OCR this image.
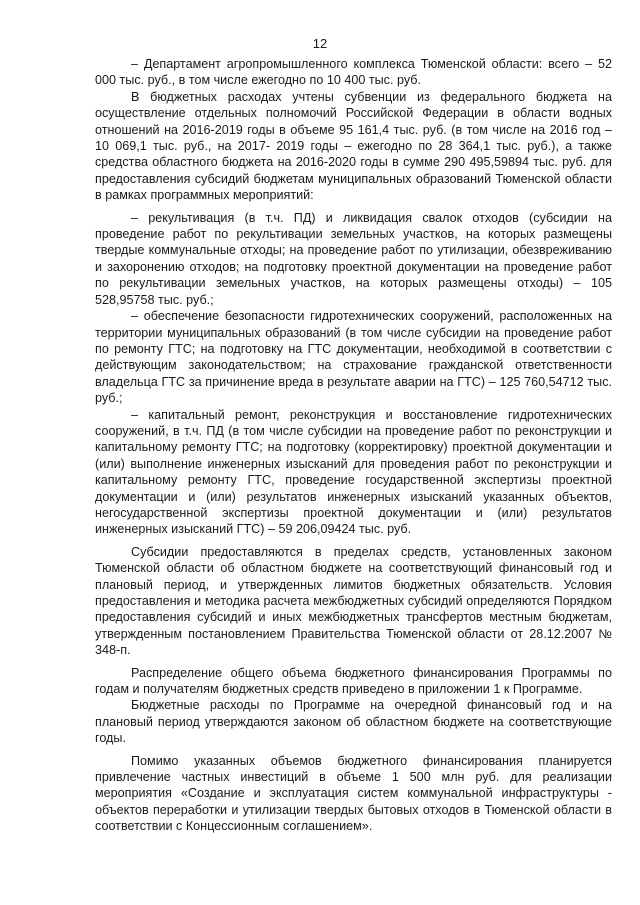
12

– Департамент агропромышленного комплекса Тюменской области: всего – 52 000 тыс. руб., в том числе ежегодно по 10 400 тыс. руб.

В бюджетных расходах учтены субвенции из федерального бюджета на осуществление отдельных полномочий Российской Федерации в области водных отношений на 2016-2019 годы в объеме 95 161,4 тыс. руб. (в том числе на 2016 год – 10 069,1 тыс. руб., на 2017- 2019 годы – ежегодно по 28 364,1 тыс. руб.), а также средства областного бюджета на 2016-2020 годы в сумме 290 495,59894 тыс. руб. для предоставления субсидий бюджетам муниципальных образований Тюменской области в рамках программных мероприятий:

– рекультивация (в т.ч. ПД) и ликвидация свалок отходов (субсидии на проведение работ по рекультивации земельных участков, на которых размещены твердые коммунальные отходы; на проведение работ по утилизации, обезвреживанию и захоронению отходов; на подготовку проектной документации на проведение работ по рекультивации земельных участков, на которых размещены отходы) – 105 528,95758 тыс. руб.;

– обеспечение безопасности гидротехнических сооружений, расположенных на территории муниципальных образований (в том числе субсидии на проведение работ по ремонту ГТС; на подготовку на ГТС документации, необходимой в соответствии с действующим законодательством; на страхование гражданской ответственности владельца ГТС за причинение вреда в результате аварии на ГТС) – 125 760,54712 тыс. руб.;

– капитальный ремонт, реконструкция и восстановление гидротехнических сооружений, в т.ч. ПД (в том числе субсидии на проведение работ по реконструкции и капитальному ремонту ГТС; на подготовку (корректировку) проектной документации и (или) выполнение инженерных изысканий для проведения работ по реконструкции и капитальному ремонту ГТС, проведение государственной экспертизы проектной документации и (или) результатов инженерных изысканий указанных объектов, негосударственной экспертизы проектной документации и (или) результатов инженерных изысканий ГТС) – 59 206,09424 тыс. руб.

Субсидии предоставляются в пределах средств, установленных законом Тюменской области об областном бюджете на соответствующий финансовый год и плановый период, и утвержденных лимитов бюджетных обязательств. Условия предоставления и методика расчета межбюджетных субсидий определяются Порядком предоставления субсидий и иных межбюджетных трансфертов местным бюджетам, утвержденным постановлением Правительства Тюменской области от 28.12.2007 № 348-п.

Распределение общего объема бюджетного финансирования Программы по годам и получателям бюджетных средств приведено в приложении 1 к Программе.

Бюджетные расходы по Программе на очередной финансовый год и на плановый период утверждаются законом об областном бюджете на соответствующие годы.

Помимо указанных объемов бюджетного финансирования планируется привлечение частных инвестиций в объеме 1 500 млн руб. для реализации мероприятия «Создание и эксплуатация систем коммунальной инфраструктуры - объектов переработки и утилизации твердых бытовых отходов в Тюменской области в соответствии с Концессионным соглашением».
